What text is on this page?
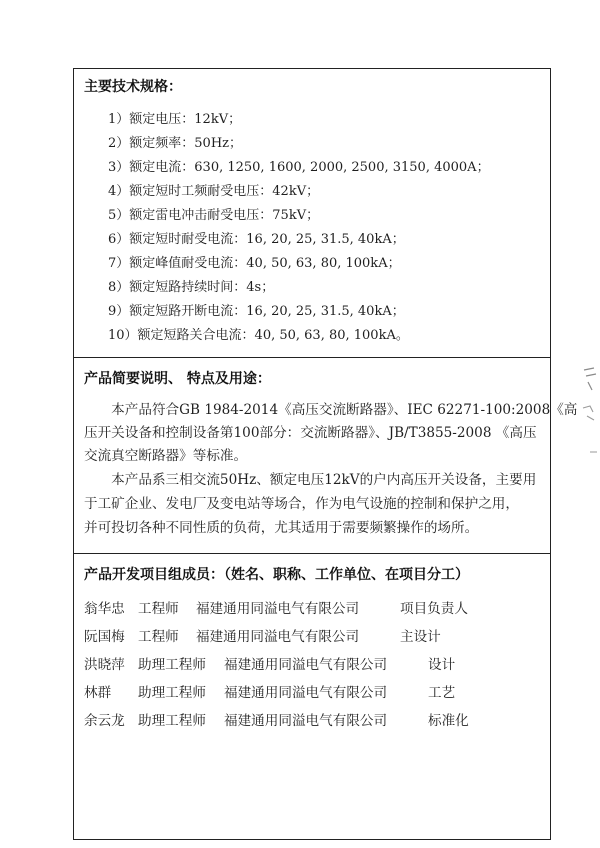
主要技术规格：
1）额定电压：12kV；
2）额定频率：50Hz；
3）额定电流：630, 1250, 1600, 2000, 2500, 3150, 4000A；
4）额定短时工频耐受电压：42kV；
5）额定雷电冲击耐受电压：75kV；
6）额定短时耐受电流：16, 20, 25, 31.5, 40kA；
7）额定峰值耐受电流：40, 50, 63, 80, 100kA；
8）额定短路持续时间：4s；
9）额定短路开断电流：16, 20, 25, 31.5, 40kA；
10）额定短路关合电流：40, 50, 63, 80, 100kA。
产品简要说明、 特点及用途：
　　本产品符合GB 1984-2014《高压交流断路器》、IEC 62271-100:2008《高
压开关设备和控制设备第100部分：交流断路器》、JB/T3855-2008 《高压
交流真空断路器》等标准。
　　本产品系三相交流50Hz、额定电压12kV的户内高压开关设备，主要用
于工矿企业、发电厂及变电站等场合，作为电气设施的控制和保护之用，
并可投切各种不同性质的负荷，尤其适用于需要频繁操作的场所。
产品开发项目组成员：（姓名、职称、工作单位、在项目分工）
翁华忠 工程师 福建通用同溢电气有限公司	项目负责人
阮国梅 工程师 福建通用同溢电气有限公司	主设计
洪晓萍 助理工程师 福建通用同溢电气有限公司	设计
林群 助理工程师 福建通用同溢电气有限公司	工艺
余云龙 助理工程师 福建通用同溢电气有限公司	标准化
